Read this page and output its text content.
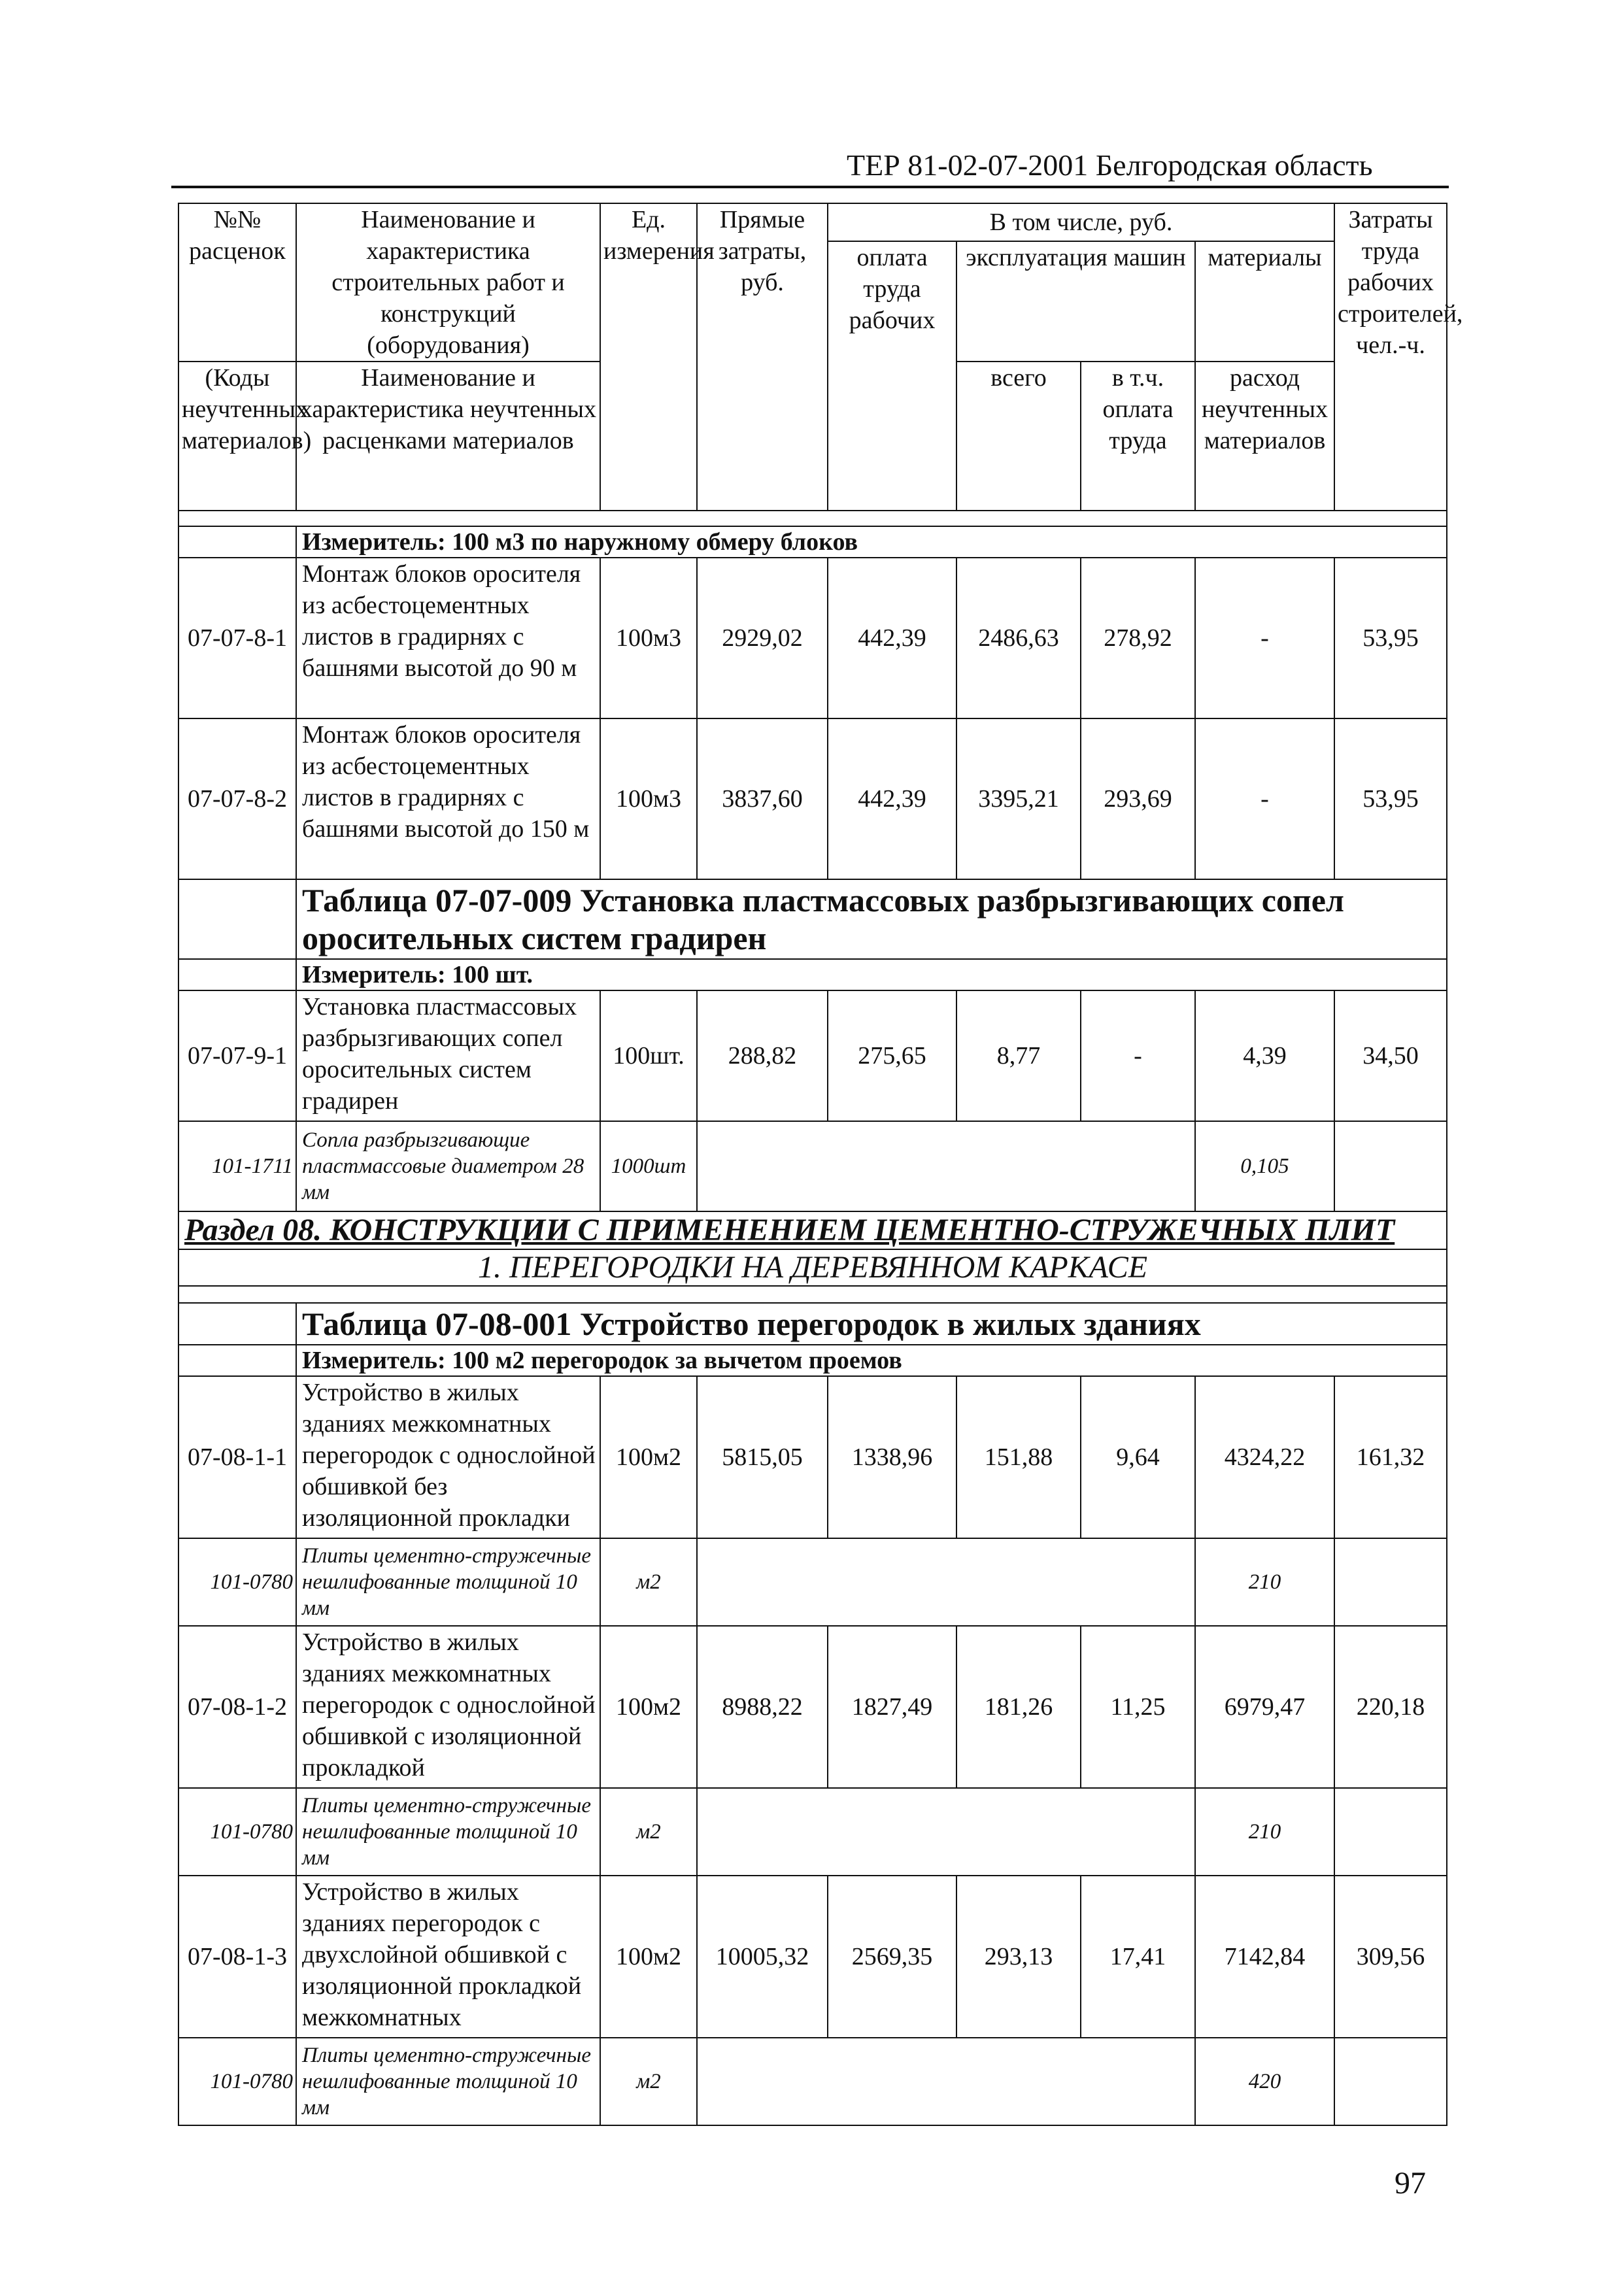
ТЕР 81-02-07-2001 Белгородская область
№№ расценок	Наименование и характеристика строительных работ и конструкций (оборудования)	Ед. измерения	Прямые затраты, руб.	В том числе, руб.				Затраты труда рабочих строителей, чел.-ч.
				оплата труда рабочих	эксплуатация машин		материалы	
(Коды неучтенных материалов)	Наименование и характеристика неучтенных расценками материалов				всего	в т.ч. оплата труда	расход неучтенных материалов	

	Измеритель: 100 м3 по наружному обмеру блоков							
07-07-8-1	Монтаж блоков оросителя из асбестоцементных листов в градирнях с башнями высотой до 90 м	100м3	2929,02	442,39	2486,63	278,92	-	53,95
07-07-8-2	Монтаж блоков оросителя из асбестоцементных листов в градирнях с башнями высотой до 150 м	100м3	3837,60	442,39	3395,21	293,69	-	53,95
	Таблица 07-07-009 Установка пластмассовых разбрызгивающих сопел оросительных систем градирен							
	Измеритель: 100 шт.							
07-07-9-1	Установка пластмассовых разбрызгивающих сопел оросительных систем градирен	100шт.	288,82	275,65	8,77	-	4,39	34,50
101-1711	Сопла разбрызгивающие пластмассовые диаметром 28 мм	1000шт					0,105	
Раздел 08. КОНСТРУКЦИИ С ПРИМЕНЕНИЕМ ЦЕМЕНТНО-СТРУЖЕЧНЫХ ПЛИТ								
1. ПЕРЕГОРОДКИ НА ДЕРЕВЯННОМ КАРКАСЕ								

	Таблица 07-08-001 Устройство перегородок в жилых зданиях							
	Измеритель: 100 м2 перегородок за вычетом проемов							
07-08-1-1	Устройство в жилых зданиях межкомнатных перегородок с однослойной обшивкой без изоляционной прокладки	100м2	5815,05	1338,96	151,88	9,64	4324,22	161,32
101-0780	Плиты цементно-стружечные нешлифованные толщиной 10 мм	м2					210	
07-08-1-2	Устройство в жилых зданиях межкомнатных перегородок с однослойной обшивкой с изоляционной прокладкой	100м2	8988,22	1827,49	181,26	11,25	6979,47	220,18
101-0780	Плиты цементно-стружечные нешлифованные толщиной 10 мм	м2					210	
07-08-1-3	Устройство в жилых зданиях перегородок с двухслойной обшивкой с изоляционной прокладкой межкомнатных	100м2	10005,32	2569,35	293,13	17,41	7142,84	309,56
101-0780	Плиты цементно-стружечные нешлифованные толщиной 10 мм	м2					420	
97
